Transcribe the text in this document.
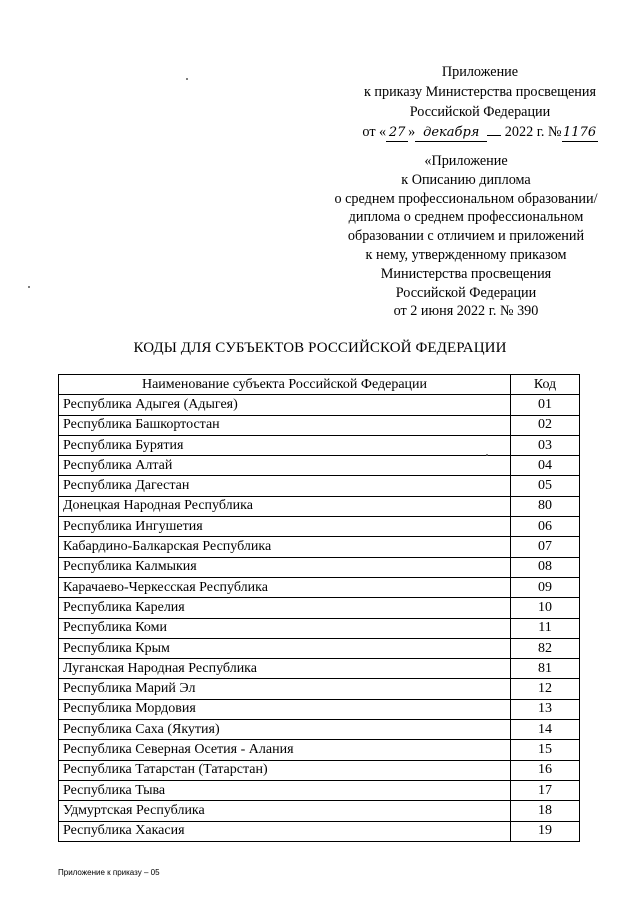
Приложение
к приказу Министерства просвещения
Российской Федерации
от « 27 » декабря 2022 г. №1176
«Приложение
к Описанию диплома
о среднем профессиональном образовании/
диплома о среднем профессиональном
образовании с отличием и приложений
к нему, утвержденному приказом
Министерства просвещения
Российской Федерации
от 2 июня 2022 г. № 390
КОДЫ ДЛЯ СУБЪЕКТОВ РОССИЙСКОЙ ФЕДЕРАЦИИ
Наименование субъекта Российской Федерации	Код
Республика Адыгея (Адыгея)	01
Республика Башкортостан	02
Республика Бурятия	03
Республика Алтай	04
Республика Дагестан	05
Донецкая Народная Республика	80
Республика Ингушетия	06
Кабардино-Балкарская Республика	07
Республика Калмыкия	08
Карачаево-Черкесская Республика	09
Республика Карелия	10
Республика Коми	11
Республика Крым	82
Луганская Народная Республика	81
Республика Марий Эл	12
Республика Мордовия	13
Республика Саха (Якутия)	14
Республика Северная Осетия - Алания	15
Республика Татарстан (Татарстан)	16
Республика Тыва	17
Удмуртская Республика	18
Республика Хакасия	19
Приложение к приказу – 05
